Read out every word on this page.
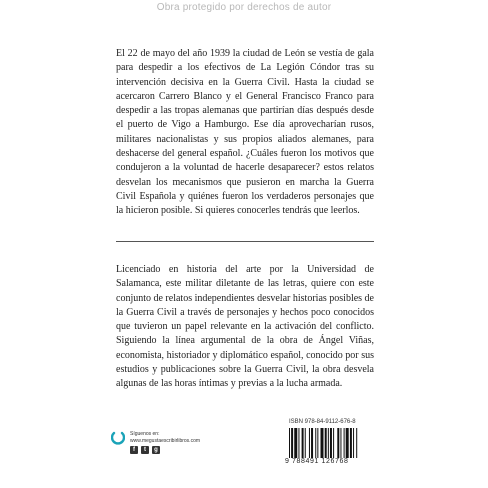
Obra protegido por derechos de autor

El 22 de mayo del año 1939 la ciudad de León se vestía de gala para despedir a los efectivos de La Legión Cóndor tras su intervención decisiva en la Guerra Civil. Hasta la ciudad se acercaron Carrero Blanco y el General Francisco Franco para despedir a las tropas alemanas que partirían días después desde el puerto de Vigo a Hamburgo. Ese día aprovecharían rusos, militares nacionalistas y sus propios aliados alemanes, para deshacerse del general español. ¿Cuáles fueron los motivos que condujeron a la voluntad de hacerle desaparecer? estos relatos desvelan los mecanismos que pusieron en marcha la Guerra Civil Española y quiénes fueron los verdaderos personajes que la hicieron posible. Si quieres conocerles tendrás que leerlos.

Licenciado en historia del arte por la Universidad de Salamanca, este militar diletante de las letras, quiere con este conjunto de relatos independientes desvelar historias posibles de la Guerra Civil a través de personajes y hechos poco conocidos que tuvieron un papel relevante en la activación del conflicto. Siguiendo la línea argumental de la obra de Ángel Viñas, economista, historiador y diplomático español, conocido por sus estudios y publicaciones sobre la Guerra Civil, la obra desvela algunas de las horas íntimas y previas a la lucha armada.

Síguenos en:
www.megustaescribirlibros.com
f	t	g
ISBN 978-84-9112-676-8
9 788491 126768
